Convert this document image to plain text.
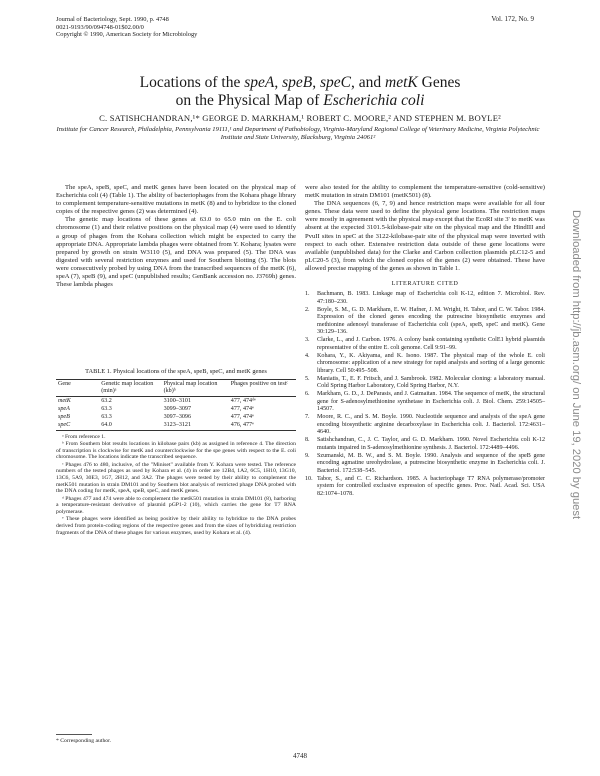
Journal of Bacteriology, Sept. 1990, p. 4748
0021-9193/90/094748-01$02.00/0
Copyright © 1990, American Society for Microbiology
Vol. 172, No. 9
Locations of the speA, speB, speC, and metK Genes
on the Physical Map of Escherichia coli
C. SATISHCHANDRAN,¹* GEORGE D. MARKHAM,¹ ROBERT C. MOORE,² AND STEPHEN M. BOYLE²
Institute for Cancer Research, Philadelphia, Pennsylvania 19111,¹ and Department of Pathobiology, Virginia-Maryland Regional College of Veterinary Medicine, Virginia Polytechnic Institute and State University, Blacksburg, Virginia 24061²

The speA, speB, speC, and metK genes have been located on the physical map of Escherichia coli (4) (Table 1). The ability of bacteriophages from the Kohara phage library to complement temperature-sensitive mutations in metK (8) and to hybridize to the cloned copies of the respective genes (2) was determined (4).

The genetic map locations of these genes at 63.0 to 65.0 min on the E. coli chromosome (1) and their relative positions on the physical map (4) were used to identify a group of phages from the Kohara collection which might be expected to carry the appropriate DNA. Appropriate lambda phages were obtained from Y. Kohara; lysates were prepared by growth on strain W3110 (5), and DNA was prepared (5). The DNA was digested with several restriction enzymes and used for Southern blotting (5). The blots were consecutively probed by using DNA from the transcribed sequences of the metK (6), speA (7), speB (9), and speC (unpublished results; GenBank accession no. J3769h) genes. These lambda phages

TABLE 1. Physical locations of the speA, speB, speC, and metK genes
Gene	Genetic map location (min)ᵃ	Physical map location (kb)ᵇ	Phages positive on testᶜ
metK	63.2	3100–3101	477, 474ᵈᵉ
speA	63.3	3099–3097	477, 474ᵉ
speB	63.3	3097–3096	477, 474ᵉ
speC	64.0	3123–3121	476, 477ᵉ

ᵃ From reference 1.

ᵇ From Southern blot results locations in kilobase pairs (kb) as assigned in reference 4. The direction of transcription is clockwise for metK and counterclockwise for the spe genes with respect to the E. coli chromosome. The locations indicate the transcribed sequence.

ᶜ Phages 476 to 480, inclusive, of the "Miniset" available from Y. Kohara were tested. The reference numbers of the tested phages as used by Kohara et al. (4) in order are 12B4, 1A2, 6C5, 1H10, 13G10, 13C6, 5A9, 30E3, 1G7, 2H12, and 3A2. The phages were tested by their ability to complement the metK501 mutation in strain DM101 and by Southern blot analysis of restricted phage DNA probed with the DNA coding for metK, speA, speB, speC, and metK genes.

ᵈ Phages 477 and 474 were able to complement the metK501 mutation in strain DM101 (8), harboring a temperature-resistant derivative of plasmid pGP1-2 (10), which carries the gene for T7 RNA polymerase.

ᵉ These phages were identified as being positive by their ability to hybridize to the DNA probes derived from protein-coding regions of the respective genes and from the sizes of hybridizing restriction fragments of the DNA of these phages for various enzymes, used by Kohara et al. (4).

* Corresponding author.

were also tested for the ability to complement the temperature-sensitive (cold-sensitive) metK mutation in strain DM101 (metK501) (8).

The DNA sequences (6, 7, 9) and hence restriction maps were available for all four genes. These data were used to define the physical gene locations. The restriction maps were mostly in agreement with the physical map except that the EcoRI site 3' to metK was absent at the expected 3101.5-kilobase-pair site on the physical map and the HindIII and PvuII sites in speC at the 3122-kilobase-pair site of the physical map were inverted with respect to each other. Extensive restriction data outside of these gene locations were available (unpublished data) for the Clarke and Carbon collection plasmids pLC12-5 and pLC20-5 (3), from which the cloned copies of the genes (2) were obtained. These have allowed precise mapping of the genes as shown in Table 1.

LITERATURE CITED
1. Bachmann, B. 1983. Linkage map of Escherichia coli K-12, edition 7. Microbiol. Rev. 47:180–230.
2. Boyle, S. M., G. D. Markham, E. W. Hafner, J. M. Wright, H. Tabor, and C. W. Tabor. 1984. Expression of the cloned genes encoding the putrescine biosynthetic enzymes and methionine adenosyl transferase of Escherichia coli (speA, speB, speC and metK). Gene 30:129–136.
3. Clarke, L., and J. Carbon. 1976. A colony bank containing synthetic ColE1 hybrid plasmids representative of the entire E. coli genome. Cell 9:91–99.
4. Kohara, Y., K. Akiyama, and K. Isono. 1987. The physical map of the whole E. coli chromosome: application of a new strategy for rapid analysis and sorting of a large genomic library. Cell 50:495–508.
5. Maniatis, T., E. F. Fritsch, and J. Sambrook. 1982. Molecular cloning: a laboratory manual. Cold Spring Harbor Laboratory, Cold Spring Harbor, N.Y.
6. Markham, G. D., J. DeParasis, and J. Gatmaitan. 1984. The sequence of metK, the structural gene for S-adenosylmethionine synthetase in Escherichia coli. J. Biol. Chem. 259:14505–14507.
7. Moore, R. C., and S. M. Boyle. 1990. Nucleotide sequence and analysis of the speA gene encoding biosynthetic arginine decarboxylase in Escherichia coli. J. Bacteriol. 172:4631–4640.
8. Satishchandran, C., J. C. Taylor, and G. D. Markham. 1990. Novel Escherichia coli K-12 mutants impaired in S-adenosylmethionine synthesis. J. Bacteriol. 172:4489–4496.
9. Szumanski, M. B. W., and S. M. Boyle. 1990. Analysis and sequence of the speB gene encoding agmatine ureohydrolase, a putrescine biosynthetic enzyme in Escherichia coli. J. Bacteriol. 172:538–545.
10. Tabor, S., and C. C. Richardson. 1985. A bacteriophage T7 RNA polymerase/promoter system for controlled exclusive expression of specific genes. Proc. Natl. Acad. Sci. USA 82:1074–1078.
4748
Downloaded from http://jb.asm.org/ on June 19, 2020 by guest
